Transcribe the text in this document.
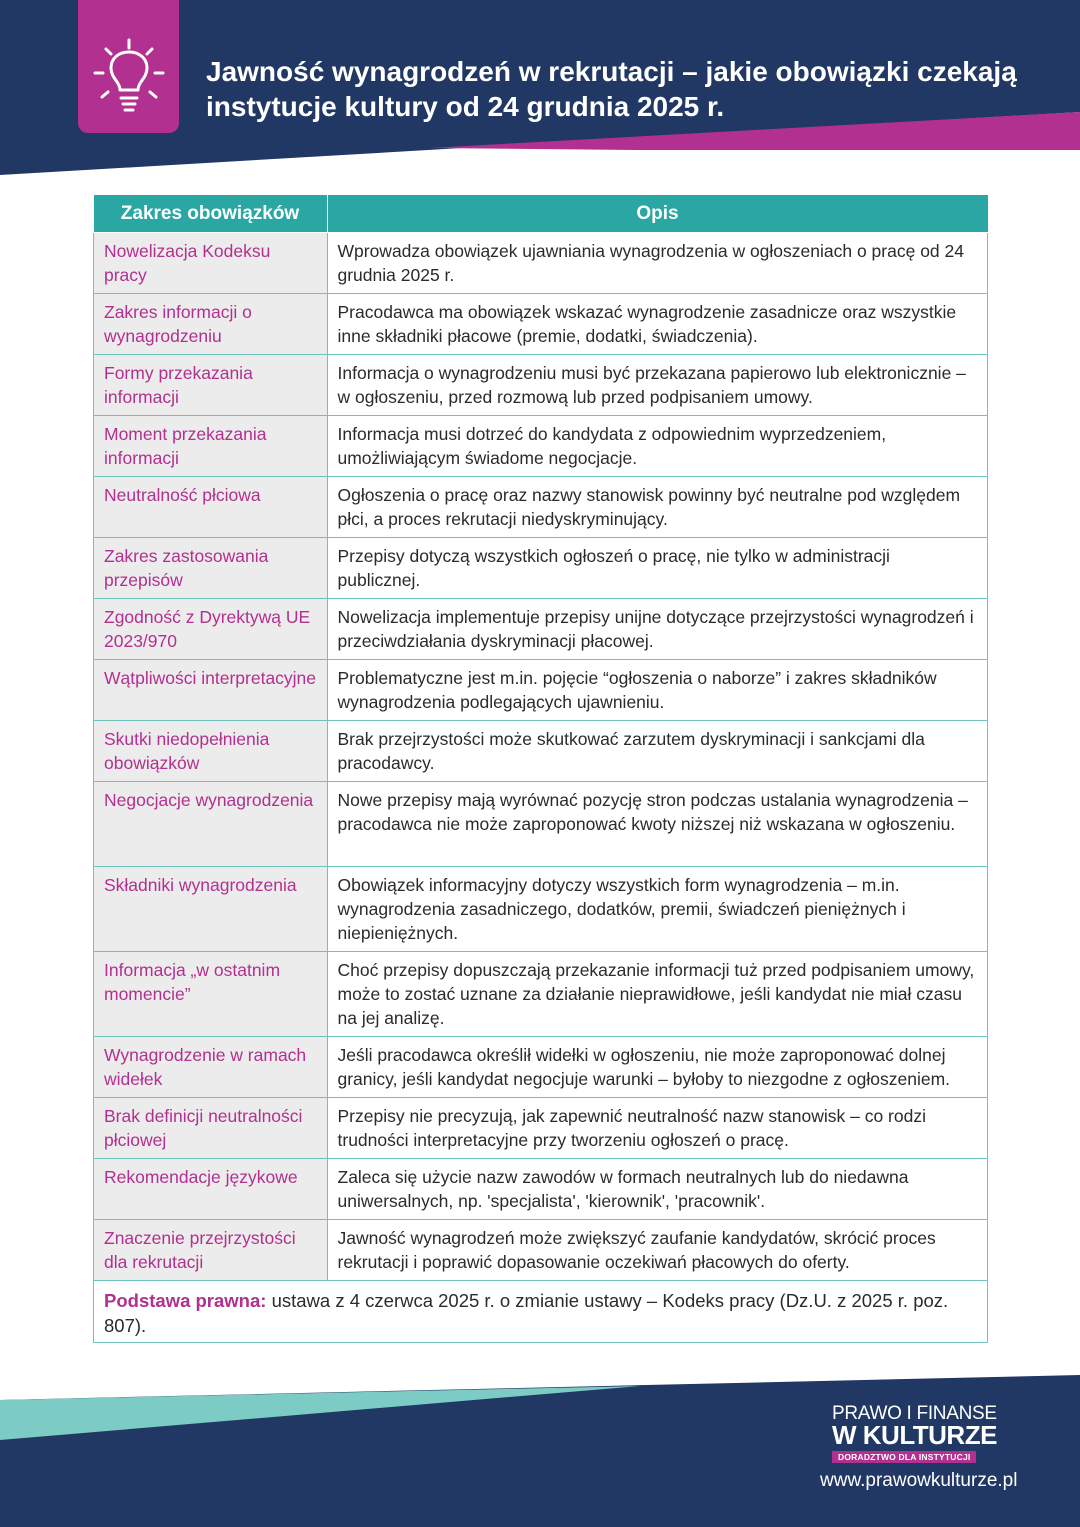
Jawność wynagrodzeń w rekrutacji – jakie obowiązki czekają instytucje kultury od 24 grudnia 2025 r.
Zakres obowiązków	Opis
Nowelizacja Kodeksu pracy	Wprowadza obowiązek ujawniania wynagrodzenia w ogłoszeniach o pracę od 24 grudnia 2025 r.
Zakres informacji o wynagrodzeniu	Pracodawca ma obowiązek wskazać wynagrodzenie zasadnicze oraz wszystkie inne składniki płacowe (premie, dodatki, świadczenia).
Formy przekazania informacji	Informacja o wynagrodzeniu musi być przekazana papierowo lub elektronicznie – w ogłoszeniu, przed rozmową lub przed podpisaniem umowy.
Moment przekazania informacji	Informacja musi dotrzeć do kandydata z odpowiednim wyprzedzeniem, umożliwiającym świadome negocjacje.
Neutralność płciowa	Ogłoszenia o pracę oraz nazwy stanowisk powinny być neutralne pod względem płci, a proces rekrutacji niedyskryminujący.
Zakres zastosowania przepisów	Przepisy dotyczą wszystkich ogłoszeń o pracę, nie tylko w administracji publicznej.
Zgodność z Dyrektywą UE 2023/970	Nowelizacja implementuje przepisy unijne dotyczące przejrzystości wynagrodzeń i przeciwdziałania dyskryminacji płacowej.
Wątpliwości interpretacyjne	Problematyczne jest m.in. pojęcie “ogłoszenia o naborze” i zakres składników wynagrodzenia podlegających ujawnieniu.
Skutki niedopełnienia obowiązków	Brak przejrzystości może skutkować zarzutem dyskryminacji i sankcjami dla pracodawcy.
Negocjacje wynagrodzenia	Nowe przepisy mają wyrównać pozycję stron podczas ustalania wynagrodzenia – pracodawca nie może zaproponować kwoty niższej niż wskazana w ogłoszeniu.
Składniki wynagrodzenia	Obowiązek informacyjny dotyczy wszystkich form wynagrodzenia – m.in. wynagrodzenia zasadniczego, dodatków, premii, świadczeń pieniężnych i niepieniężnych.
Informacja „w ostatnim momencie”	Choć przepisy dopuszczają przekazanie informacji tuż przed podpisaniem umowy, może to zostać uznane za działanie nieprawidłowe, jeśli kandydat nie miał czasu na jej analizę.
Wynagrodzenie w ramach widełek	Jeśli pracodawca określił widełki w ogłoszeniu, nie może zaproponować dolnej granicy, jeśli kandydat negocjuje warunki – byłoby to niezgodne z ogłoszeniem.
Brak definicji neutralności płciowej	Przepisy nie precyzują, jak zapewnić neutralność nazw stanowisk – co rodzi trudności interpretacyjne przy tworzeniu ogłoszeń o pracę.
Rekomendacje językowe	Zaleca się użycie nazw zawodów w formach neutralnych lub do niedawna uniwersalnych, np. 'specjalista', 'kierownik', 'pracownik'.
Znaczenie przejrzystości dla rekrutacji	Jawność wynagrodzeń może zwiększyć zaufanie kandydatów, skrócić proces rekrutacji i poprawić dopasowanie oczekiwań płacowych do oferty.
Podstawa prawna: ustawa z 4 czerwca 2025 r. o zmianie ustawy – Kodeks pracy (Dz.U. z 2025 r. poz. 807).	
PRAWO I FINANSE
W KULTURZE
DORADZTWO DLA INSTYTUCJI
www.prawowkulturze.pl
